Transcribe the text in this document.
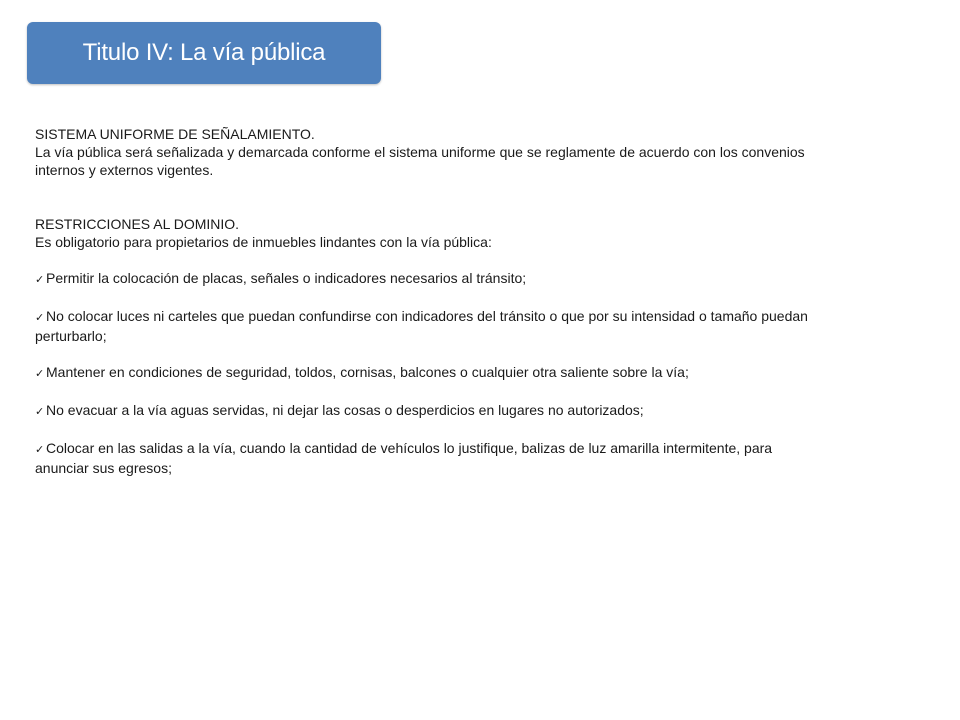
Titulo IV: La vía pública

SISTEMA UNIFORME DE SEÑALAMIENTO.

La vía pública será señalizada y demarcada conforme el sistema uniforme que se reglamente de acuerdo con los convenios

internos y externos vigentes.

RESTRICCIONES AL DOMINIO.

Es obligatorio para propietarios de inmuebles lindantes con la vía pública:

✓ Permitir la colocación de placas, señales o indicadores necesarios al tránsito;

✓ No colocar luces ni carteles que puedan confundirse con indicadores del tránsito o que por su intensidad o tamaño puedan

perturbarlo;

✓ Mantener en condiciones de seguridad, toldos, cornisas, balcones o cualquier otra saliente sobre la vía;

✓ No evacuar a la vía aguas servidas, ni dejar las cosas o desperdicios en lugares no autorizados;

✓ Colocar en las salidas a la vía, cuando la cantidad de vehículos lo justifique, balizas de luz amarilla intermitente, para

anunciar sus egresos;
